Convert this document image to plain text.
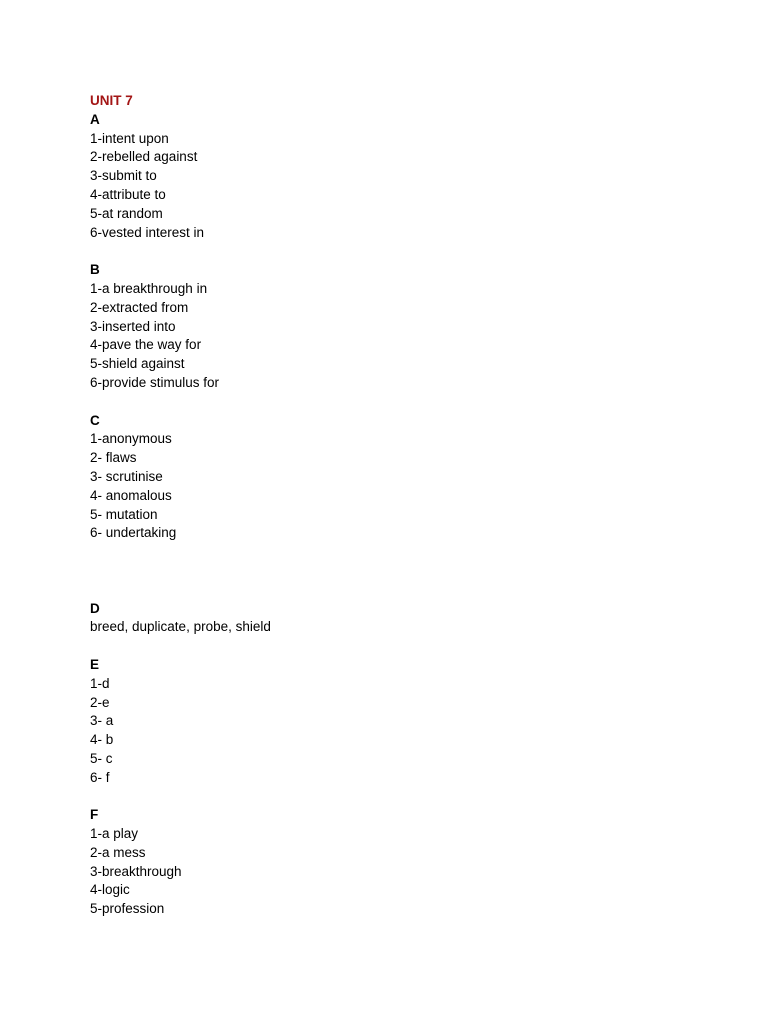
UNIT 7
A
1-intent upon
2-rebelled against
3-submit to
4-attribute to
5-at random
6-vested interest in
B
1-a breakthrough in
2-extracted from
3-inserted into
4-pave the way for
5-shield against
6-provide stimulus for
C
1-anonymous
2- flaws
3- scrutinise
4- anomalous
5- mutation
6- undertaking
D
breed, duplicate, probe, shield
E
1-d
2-e
3- a
4- b
5- c
6- f
F
1-a play
2-a mess
3-breakthrough
4-logic
5-profession
